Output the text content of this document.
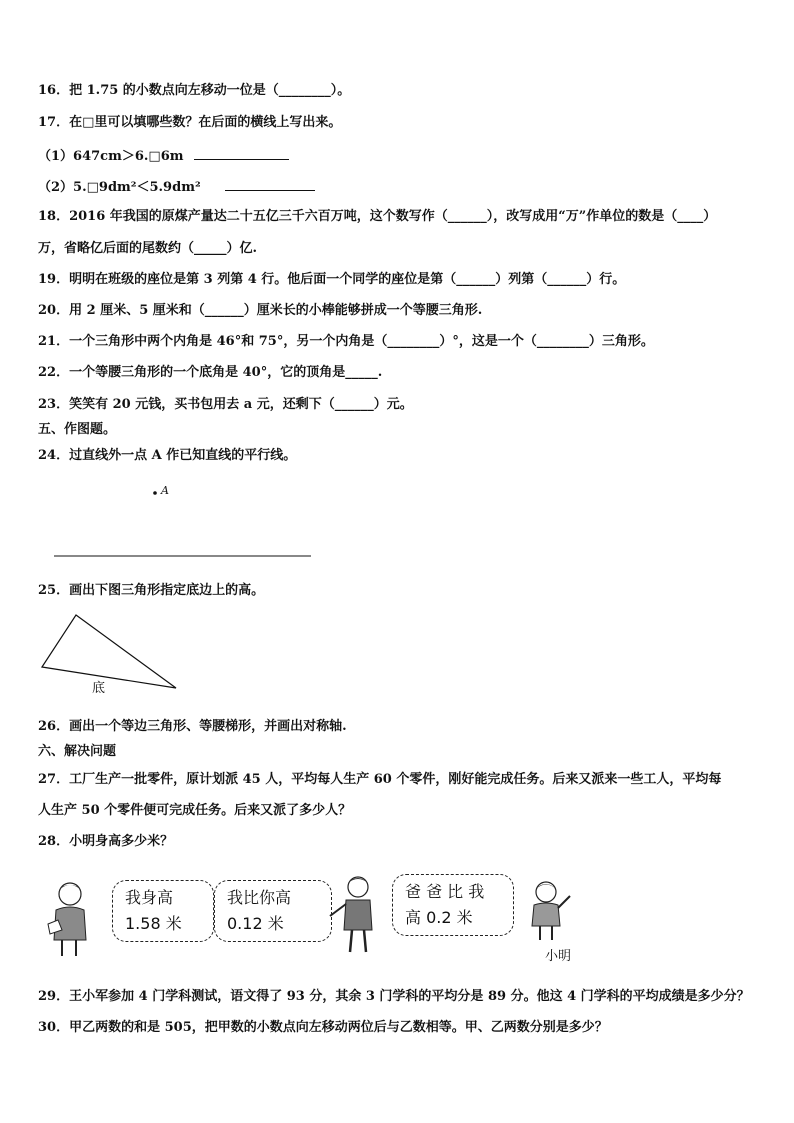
16．把 1.75 的小数点向左移动一位是（________）。
17．在□里可以填哪些数？在后面的横线上写出来。
（1）647cm＞6.□6m
（2）5.□9dm²＜5.9dm²
18．2016 年我国的原煤产量达二十五亿三千六百万吨，这个数写作（______），改写成用“万”作单位的数是（____）
万，省略亿后面的尾数约（_____）亿.
19．明明在班级的座位是第 3 列第 4 行。他后面一个同学的座位是第（______）列第（______）行。
20．用 2 厘米、5 厘米和（______）厘米长的小棒能够拼成一个等腰三角形.
21．一个三角形中两个内角是 46°和 75°，另一个内角是（________）°，这是一个（________）三角形。
22．一个等腰三角形的一个底角是 40°，它的顶角是_____.
23．笑笑有 20 元钱，买书包用去 a 元，还剩下（______）元。
五、作图题。
24．过直线外一点 A 作已知直线的平行线。
A
25．画出下图三角形指定底边上的高。
底
26．画出一个等边三角形、等腰梯形，并画出对称轴.
六、解决问题
27．工厂生产一批零件，原计划派 45 人，平均每人生产 60 个零件，刚好能完成任务。后来又派来一些工人，平均每
人生产 50 个零件便可完成任务。后来又派了多少人？
28．小明身高多少米？
我身高
1.58 米
我比你高
0.12 米
爸 爸 比 我
高 0.2 米
小明
29．王小军参加 4 门学科测试，语文得了 93 分，其余 3 门学科的平均分是 89 分。他这 4 门学科的平均成绩是多少分？
30．甲乙两数的和是 505，把甲数的小数点向左移动两位后与乙数相等。甲、乙两数分别是多少？
